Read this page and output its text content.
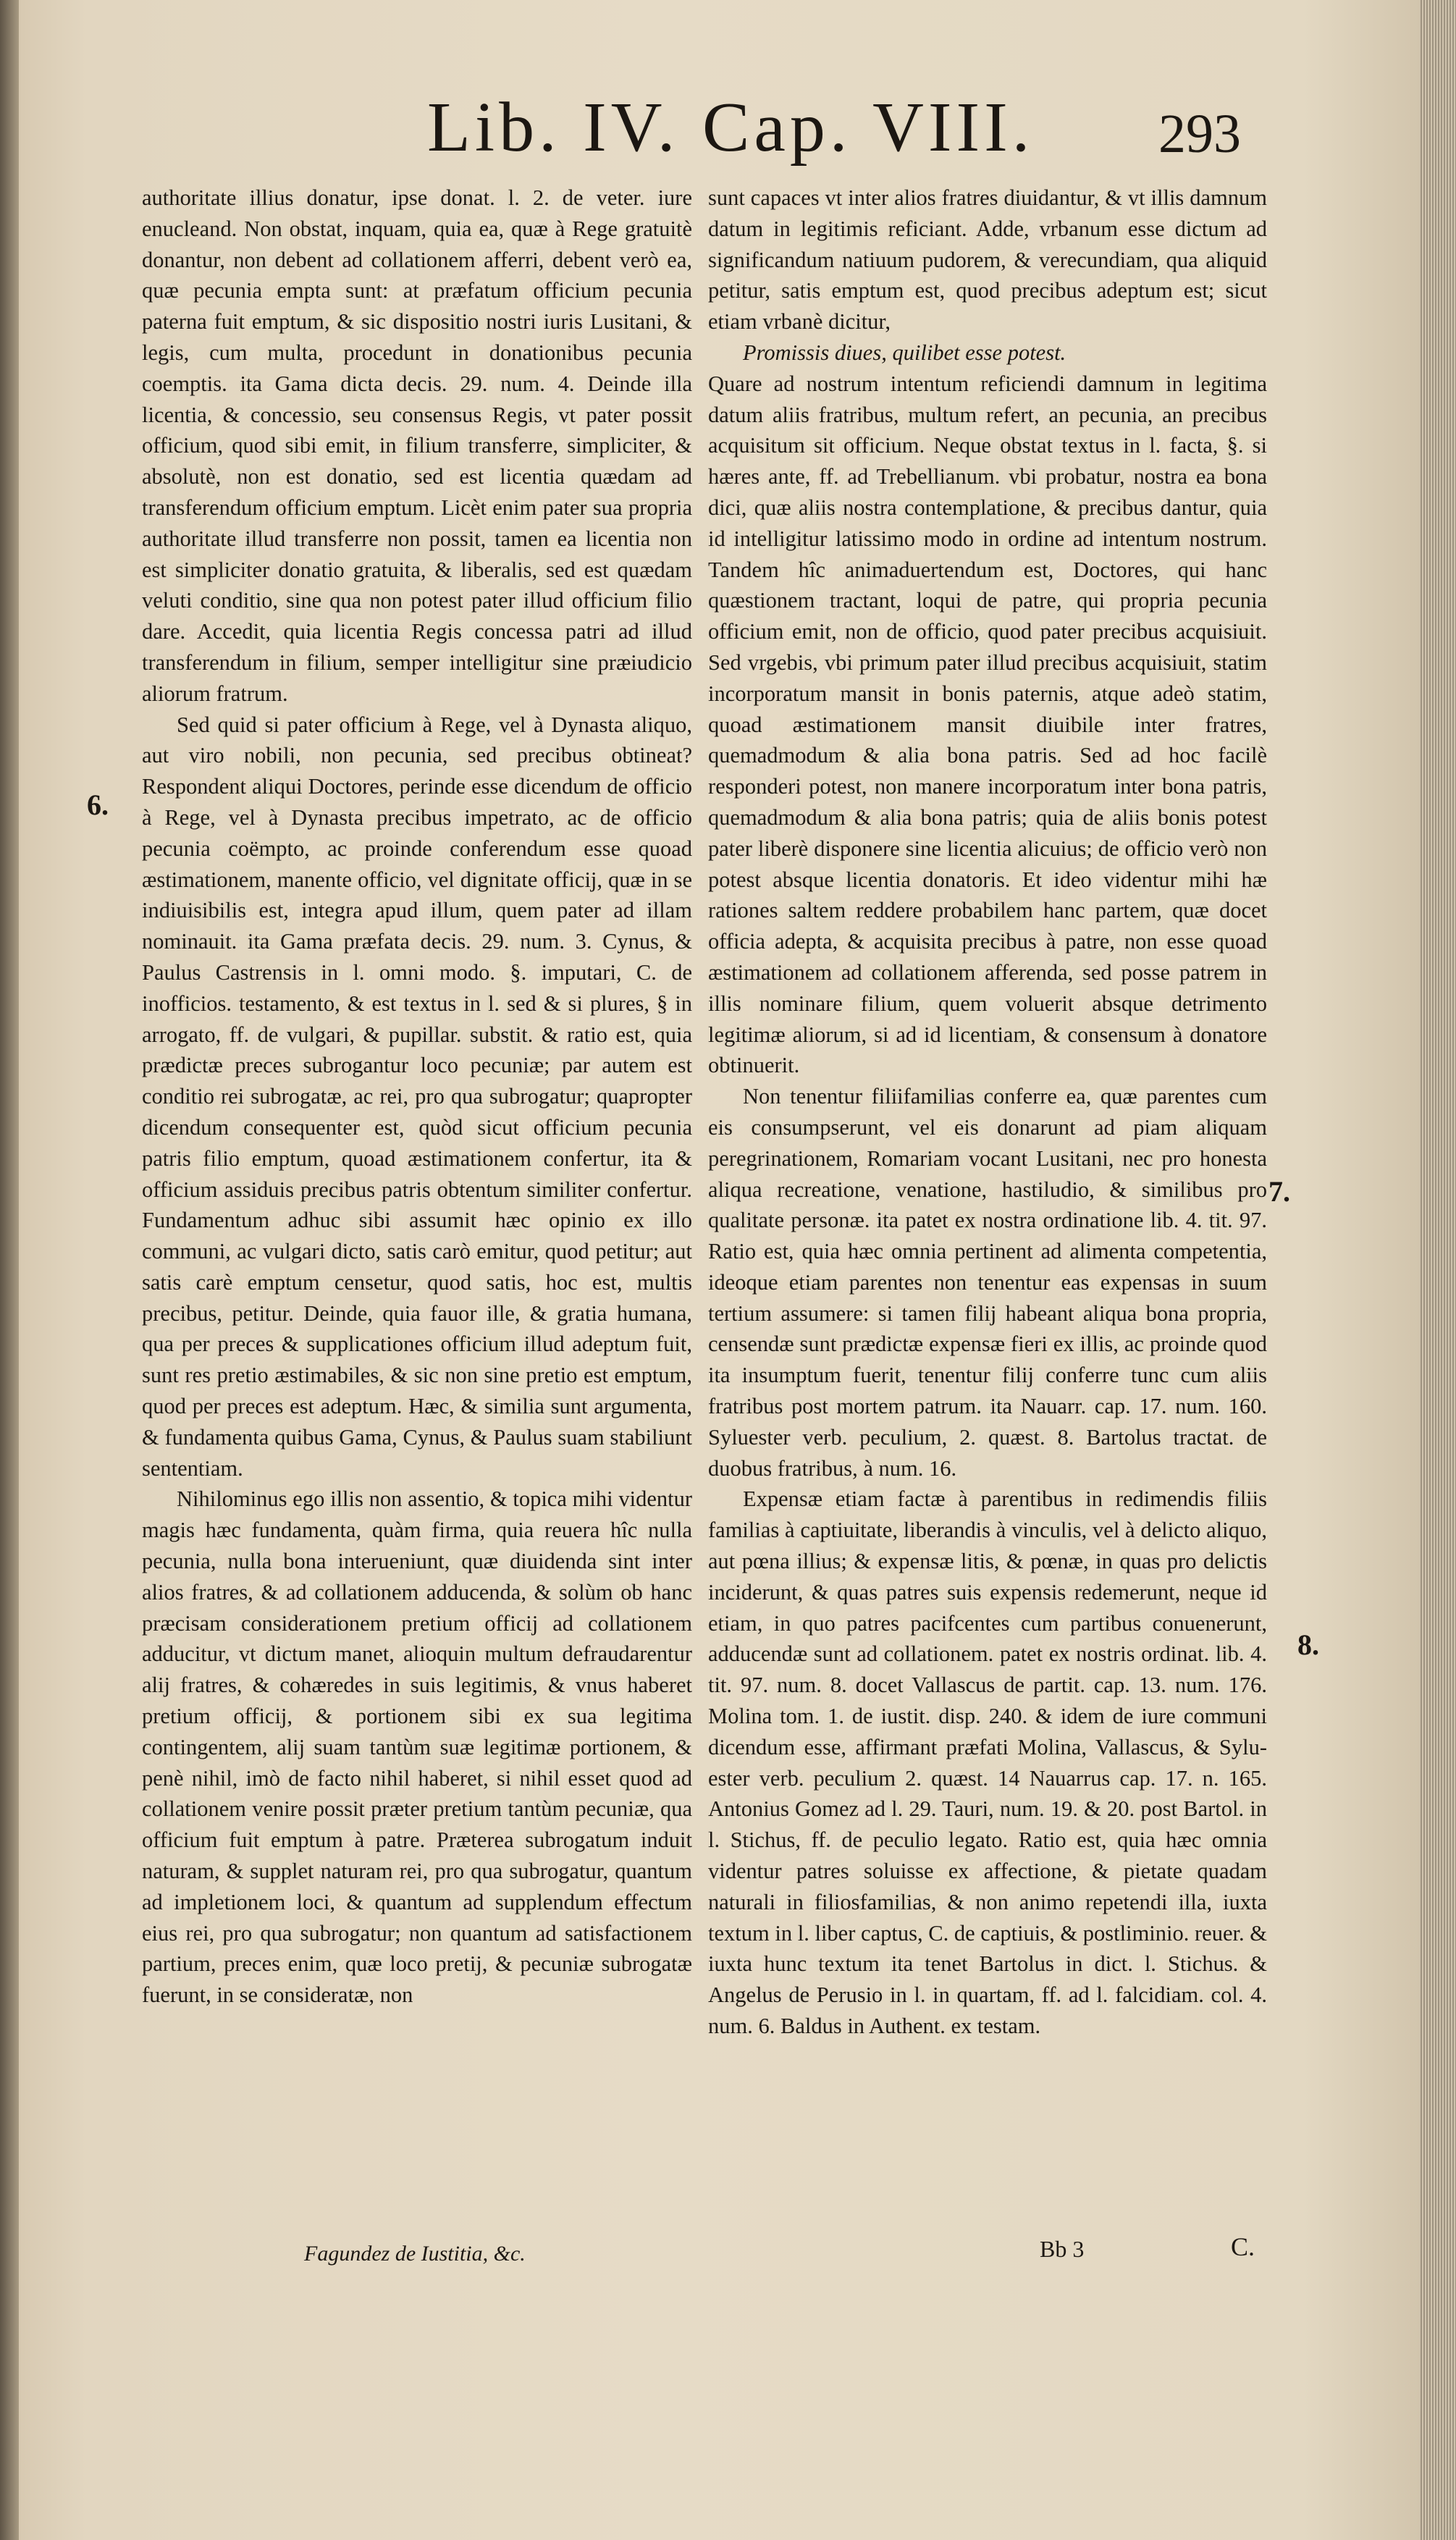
Lib. IV. Cap. VIII. 293

authoritate illius donatur, ipse donat. l. 2. de veter. iure enucleand. Non obstat, inquam, quia ea, quæ à Rege gratuitè donantur, non debent ad collationem afferri, debent verò ea, quæ pecunia empta sunt: at præfatum officium pecunia paterna fuit emptum, & sic dispositio nostri iuris Lusitani, & legis, cum multa, procedunt in donationibus pecunia coemptis. ita Gama dicta decis. 29. num. 4. Deinde illa licentia, & concessio, seu consensus Regis, vt pater possit officium, quod sibi emit, in filium transferre, simpliciter, & absolutè, non est donatio, sed est licentia quædam ad transferendum officium emptum. Licèt enim pater sua propria authoritate illud transferre non possit, tamen ea licentia non est simpliciter donatio gratuita, & liberalis, sed est quædam veluti conditio, sine qua non potest pater illud officium filio dare. Accedit, quia licentia Regis concessa patri ad illud transferendum in filium, semper intelligitur sine præiudicio aliorum fratrum.

Sed quid si pater officium à Rege, vel à Dynasta aliquo, aut viro nobili, non pecunia, sed precibus obtineat? Respondent aliqui Doctores, perinde esse dicendum de officio à Rege, vel à Dynasta precibus impetrato, ac de officio pecunia coëmpto, ac proinde conferendum esse quoad æstimationem, manente officio, vel dignitate officij, quæ in se indiuisibilis est, integra apud illum, quem pater ad illam nominauit. ita Gama præfata decis. 29. num. 3. Cynus, & Paulus Castrensis in l. omni modo. §. imputari, C. de inofficios. testamento, & est textus in l. sed & si plures, § in arrogato, ff. de vulgari, & pupillar. substit. & ratio est, quia prædictæ preces subrogantur loco pecuniæ; par autem est conditio rei subrogatæ, ac rei, pro qua subrogatur; quapropter dicendum consequenter est, quòd sicut officium pecunia patris filio emptum, quoad æstimationem confertur, ita & officium assiduis precibus patris obtentum similiter confertur. Fundamentum adhuc sibi assumit hæc opinio ex illo communi, ac vulgari dicto, satis carò emitur, quod petitur; aut satis carè emptum censetur, quod satis, hoc est, multis precibus, petitur. Deinde, quia fauor ille, & gratia humana, qua per preces & supplicationes officium illud adeptum fuit, sunt res pretio æstimabiles, & sic non sine pretio est emptum, quod per preces est adeptum. Hæc, & similia sunt argumenta, & fundamenta quibus Gama, Cynus, & Paulus suam stabiliunt sententiam.

Nihilominus ego illis non assentio, & topica mihi videntur magis hæc fundamenta, quàm firma, quia reuera hîc nulla pecunia, nulla bona interueniunt, quæ diuidenda sint inter alios fratres, & ad collationem adducenda, & solùm ob hanc præcisam considerationem pretium officij ad collationem adducitur, vt dictum manet, alioquin multum defraudarentur alij fratres, & cohæredes in suis legitimis, & vnus haberet pretium officij, & portionem sibi ex sua legitima contingentem, alij suam tantùm suæ legitimæ portionem, & penè nihil, imò de facto nihil haberet, si nihil esset quod ad collationem venire possit præter pretium tantùm pecuniæ, qua officium fuit emptum à patre. Præterea subrogatum induit naturam, & supplet naturam rei, pro qua subrogatur, quantum ad impletionem loci, & quantum ad supplendum effectum eius rei, pro qua subrogatur; non quantum ad satisfactionem partium, preces enim, quæ loco pretij, & pecuniæ subrogatæ fuerunt, in se consideratæ, non

sunt capaces vt inter alios fratres diuidantur, & vt illis damnum datum in legitimis reficiant. Adde, vrbanum esse dictum ad significandum natiuum pudorem, & verecundiam, qua aliquid petitur, satis emptum est, quod precibus adeptum est; sicut etiam vrbanè dicitur,

Promissis diues, quilibet esse potest.

Quare ad nostrum intentum reficiendi damnum in legitima datum aliis fratribus, multum refert, an pecunia, an precibus acquisitum sit officium. Neque obstat textus in l. facta, §. si hæres ante, ff. ad Trebellianum. vbi probatur, nostra ea bona dici, quæ aliis nostra contemplatione, & precibus dantur, quia id intelligitur latissimo modo in ordine ad intentum nostrum. Tandem hîc animaduertendum est, Doctores, qui hanc quæstionem tractant, loqui de patre, qui propria pecunia officium emit, non de officio, quod pater precibus acquisiuit. Sed vrgebis, vbi primum pater illud precibus acquisiuit, statim incorporatum mansit in bonis paternis, atque adeò statim, quoad æstimationem mansit diuibile inter fratres, quemadmodum & alia bona patris. Sed ad hoc facilè responderi potest, non manere incorporatum inter bona patris, quemadmodum & alia bona patris; quia de aliis bonis potest pater liberè disponere sine licentia alicuius; de officio verò non potest absque licentia donatoris. Et ideo videntur mihi hæ rationes saltem reddere probabilem hanc partem, quæ docet officia adepta, & acquisita precibus à patre, non esse quoad æstimationem ad collationem afferenda, sed posse patrem in illis nominare filium, quem voluerit absque detrimento legitimæ aliorum, si ad id licentiam, & consensum à donatore obtinuerit.

Non tenentur filiifamilias conferre ea, quæ parentes cum eis consumpserunt, vel eis donarunt ad piam aliquam peregrinationem, Romariam vocant Lusitani, nec pro honesta aliqua recreatione, venatione, hastiludio, & similibus pro qualitate personæ. ita patet ex nostra ordinatione lib. 4. tit. 97. Ratio est, quia hæc omnia pertinent ad alimenta competentia, ideoque etiam parentes non tenentur eas expensas in suum tertium assumere: si tamen filij habeant aliqua bona propria, censendæ sunt prædictæ expensæ fieri ex illis, ac proinde quod ita insumptum fuerit, tenentur filij conferre tunc cum aliis fratribus post mortem patrum. ita Nauarr. cap. 17. num. 160. Syluester verb. peculium, 2. quæst. 8. Bartolus tractat. de duobus fratribus, à num. 16.

Expensæ etiam factæ à parentibus in redimendis filiis familias à captiuitate, liberandis à vinculis, vel à delicto aliquo, aut pœna illius; & expensæ litis, & pœnæ, in quas pro delictis inciderunt, & quas patres suis expensis redemerunt, neque id etiam, in quo patres pacifcentes cum partibus conuenerunt, adducendæ sunt ad collationem. patet ex nostris ordinat. lib. 4. tit. 97. num. 8. docet Vallascus de partit. cap. 13. num. 176. Molina tom. 1. de iustit. disp. 240. & idem de iure communi dicendum esse, affirmant præfati Molina, Vallascus, & Syluester verb. peculium 2. quæst. 14 Nauarrus cap. 17. n. 165. Antonius Gomez ad l. 29. Tauri, num. 19. & 20. post Bartol. in l. Stichus, ff. de peculio legato. Ratio est, quia hæc omnia videntur patres soluisse ex affectione, & pietate quadam naturali in filiosfamilias, & non animo repetendi illa, iuxta textum in l. liber captus, C. de captiuis, & postliminio. reuer. & iuxta hunc textum ita tenet Bartolus in dict. l. Stichus. & Angelus de Perusio in l. in quartam, ff. ad l. falcidiam. col. 4. num. 6. Baldus in Authent. ex testam.

6.
7.
8.
Fagundez de Iustitia, &c.	Bb 3	C.
